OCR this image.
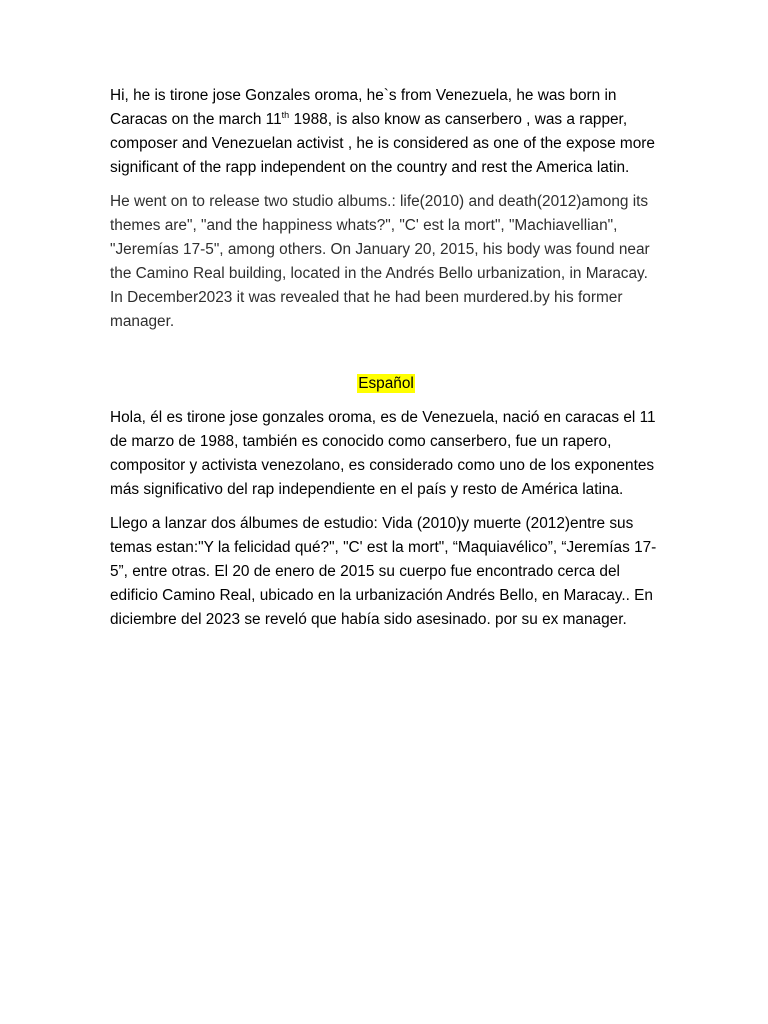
Hi, he is tirone jose Gonzales oroma, he`s from Venezuela, he was born in Caracas on the march 11th 1988, is also know as canserbero , was a rapper, composer and Venezuelan activist , he is considered as one of the expose more significant of the rapp independent on the country and rest the America latin.

He went on to release two studio albums.: life(2010) and death(2012)among its themes are", "and the happiness whats?", "C' est la mort", "Machiavellian", "Jeremías 17-5", among others. On January 20, 2015, his body was found near the Camino Real building, located in the Andrés Bello urbanization, in Maracay. In December2023 it was revealed that he had been murdered.by his former manager.

Español

Hola, él es tirone jose gonzales oroma, es de Venezuela, nació en caracas el 11 de marzo de 1988, también es conocido como canserbero, fue un rapero, compositor y activista venezolano, es considerado como uno de los exponentes más significativo del rap independiente en el país y resto de América latina.

Llego a lanzar dos álbumes de estudio: Vida (2010)y muerte (2012)entre sus temas estan:"Y la felicidad qué?", "C' est la mort", “Maquiavélico”, “Jeremías 17-5”, entre otras. El 20 de enero de 2015 su cuerpo fue encontrado cerca del edificio Camino Real, ubicado en la urbanización Andrés Bello, en Maracay.. En diciembre del 2023 se reveló que había sido asesinado. por su ex manager.
